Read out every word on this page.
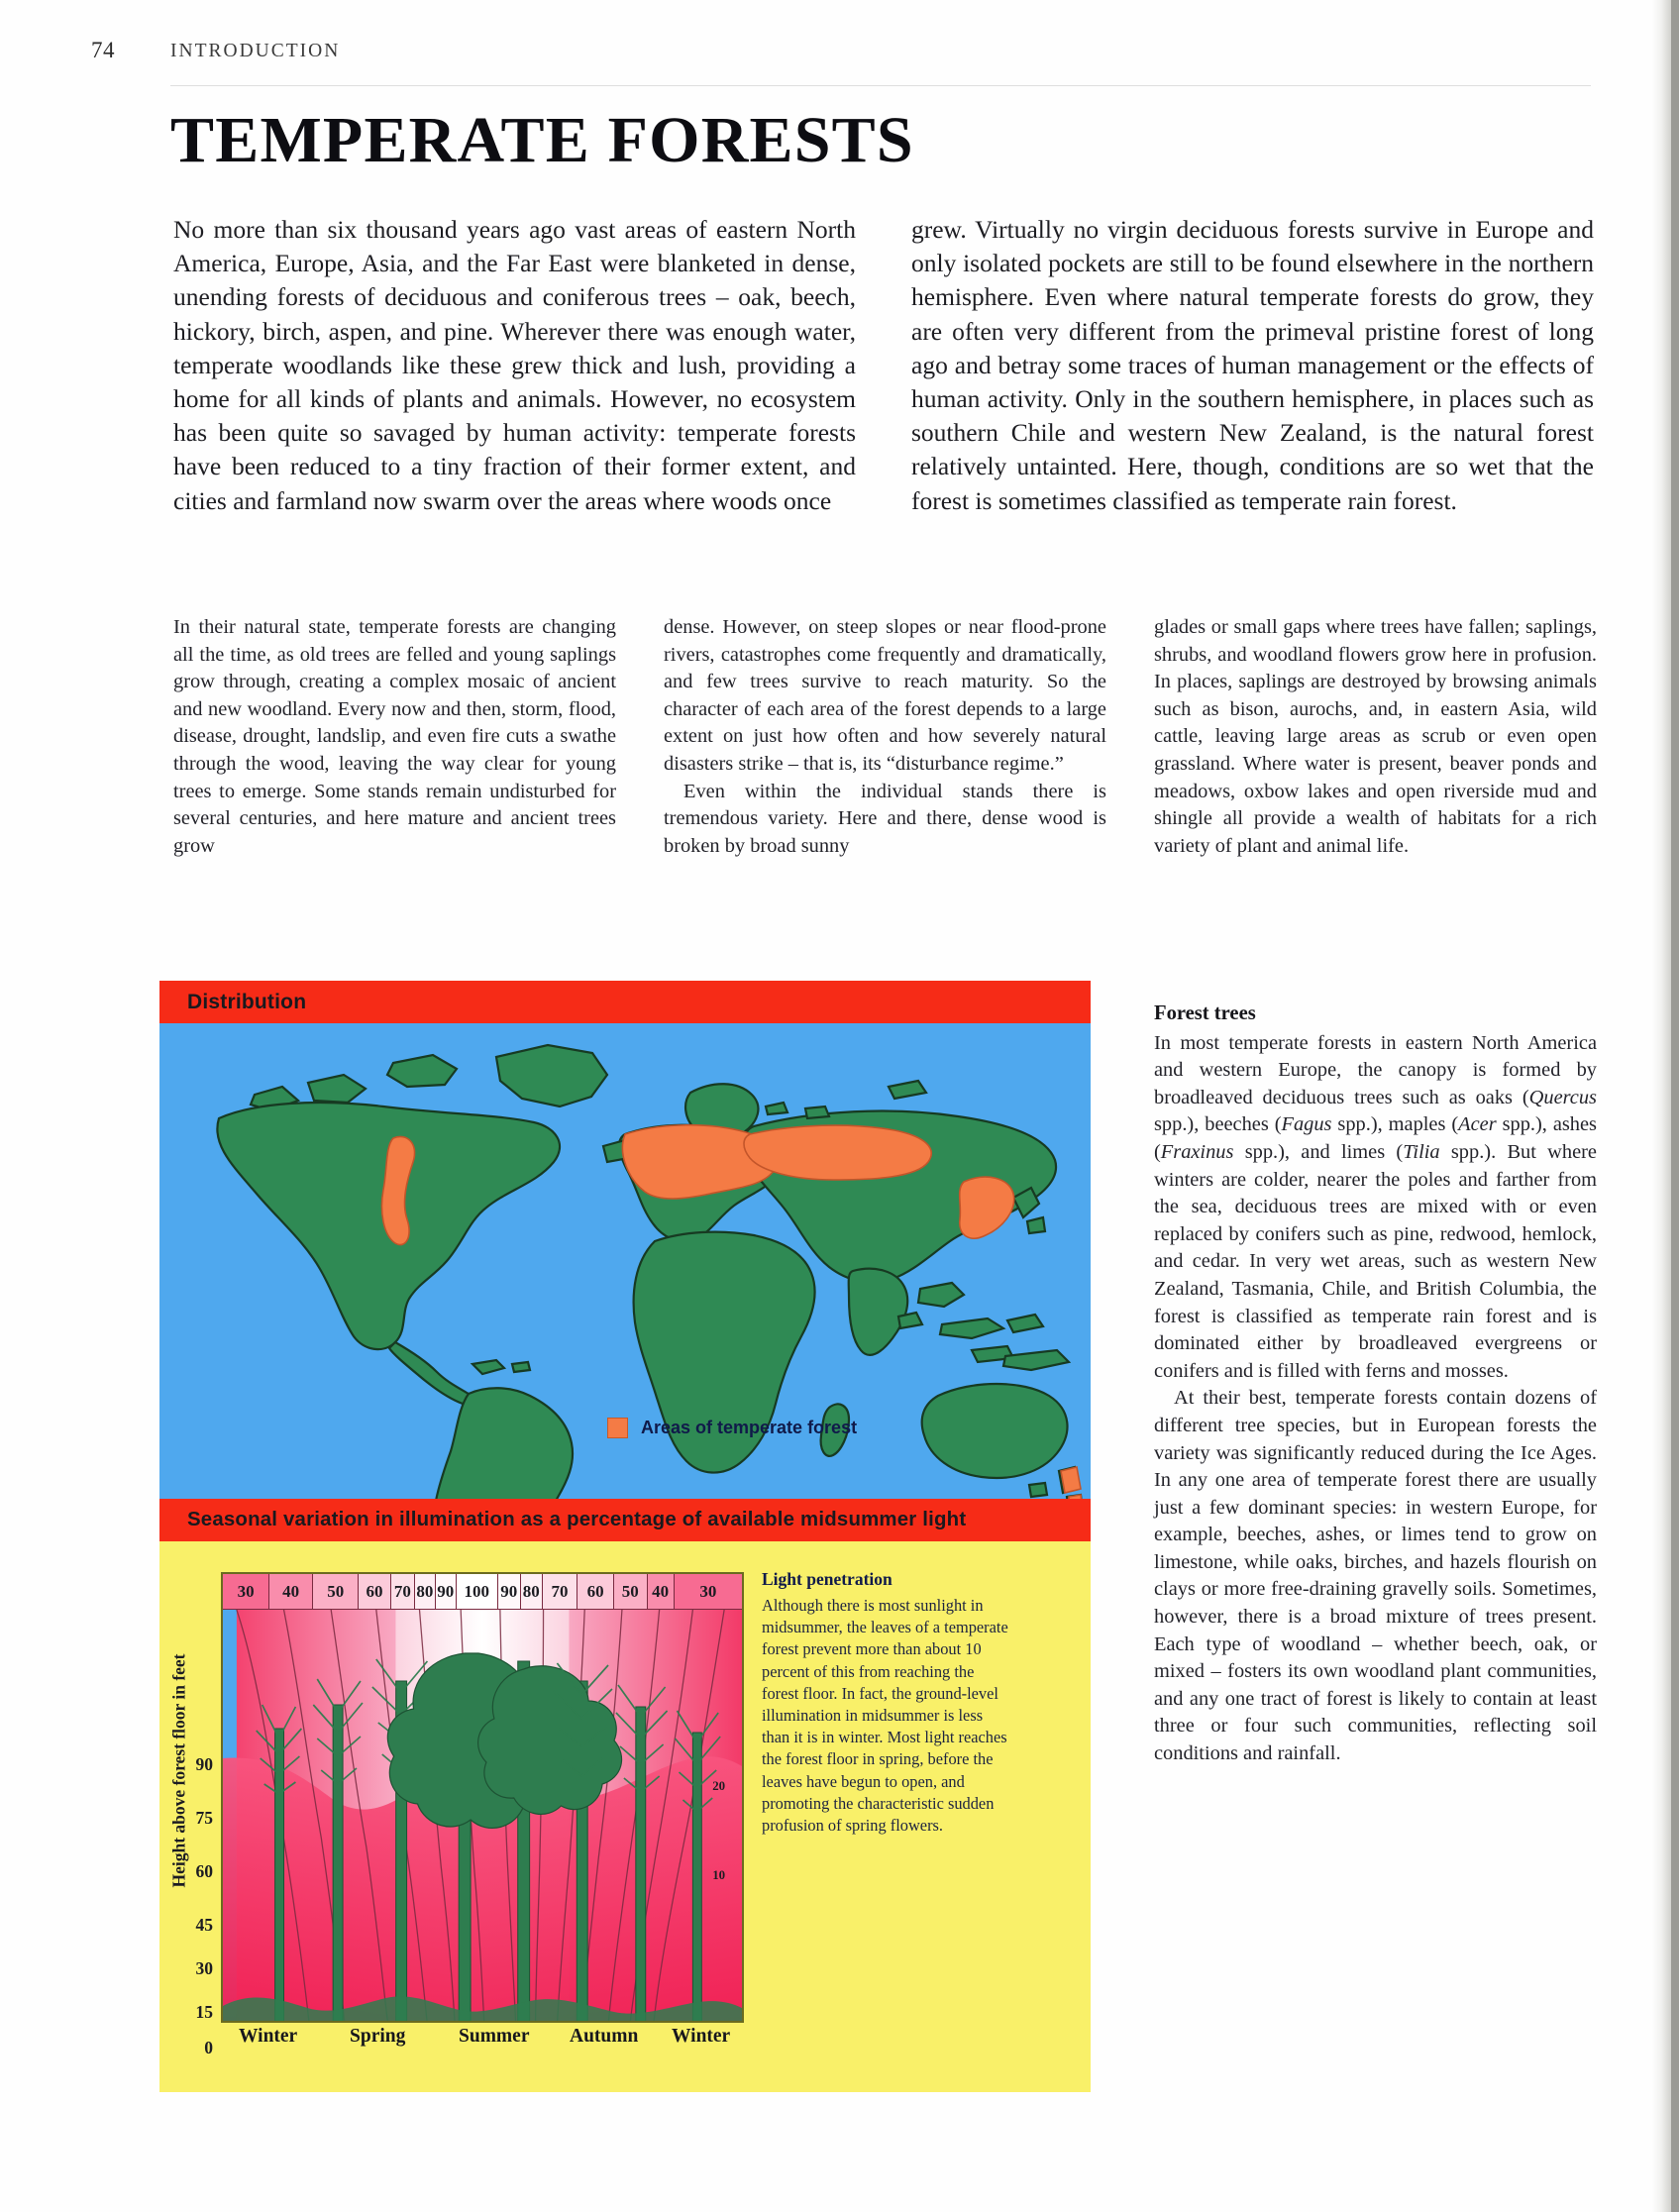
74	INTRODUCTION
TEMPERATE FORESTS
No more than six thousand years ago vast areas of eastern North America, Europe, Asia, and the Far East were blanketed in dense, unending forests of deciduous and coniferous trees – oak, beech, hickory, birch, aspen, and pine. Wherever there was enough water, temperate woodlands like these grew thick and lush, providing a home for all kinds of plants and animals. However, no ecosystem has been quite so savaged by human activity: temperate forests have been reduced to a tiny fraction of their former extent, and cities and farmland now swarm over the areas where woods once
grew. Virtually no virgin deciduous forests survive in Europe and only isolated pockets are still to be found elsewhere in the northern hemisphere. Even where natural temperate forests do grow, they are often very different from the primeval pristine forest of long ago and betray some traces of human management or the effects of human activity. Only in the southern hemisphere, in places such as southern Chile and western New Zealand, is the natural forest relatively untainted. Here, though, conditions are so wet that the forest is sometimes classified as temperate rain forest.

In their natural state, temperate forests are changing all the time, as old trees are felled and young saplings grow through, creating a complex mosaic of ancient and new woodland. Every now and then, storm, flood, disease, drought, landslip, and even fire cuts a swathe through the wood, leaving the way clear for young trees to emerge. Some stands remain undisturbed for several centuries, and here mature and ancient trees grow

dense. However, on steep slopes or near flood-prone rivers, catastrophes come frequently and dramatically, and few trees survive to reach maturity. So the character of each area of the forest depends to a large extent on just how often and how severely natural disasters strike – that is, its “disturbance regime.”

Even within the individual stands there is tremendous variety. Here and there, dense wood is broken by broad sunny

glades or small gaps where trees have fallen; saplings, shrubs, and woodland flowers grow here in profusion. In places, saplings are destroyed by browsing animals such as bison, aurochs, and, in eastern Asia, wild cattle, leaving large areas as scrub or even open grassland. Where water is present, beaver ponds and meadows, oxbow lakes and open riverside mud and shingle all provide a wealth of habitats for a rich variety of plant and animal life.

Forest trees

In most temperate forests in eastern North America and western Europe, the canopy is formed by broadleaved deciduous trees such as oaks (Quercus spp.), beeches (Fagus spp.), maples (Acer spp.), ashes (Fraxinus spp.), and limes (Tilia spp.). But where winters are colder, nearer the poles and farther from the sea, deciduous trees are mixed with or even replaced by conifers such as pine, redwood, hemlock, and cedar. In very wet areas, such as western New Zealand, Tasmania, Chile, and British Columbia, the forest is classified as temperate rain forest and is dominated either by broadleaved evergreens or conifers and is filled with ferns and mosses.

At their best, temperate forests contain dozens of different tree species, but in European forests the variety was significantly reduced during the Ice Ages. In any one area of temperate forest there are usually just a few dominant species: in western Europe, for example, beeches, ashes, or limes tend to grow on limestone, while oaks, birches, and hazels flourish on clays or more free-draining gravelly soils. Sometimes, however, there is a broad mixture of trees present. Each type of woodland – whether beech, oak, or mixed – fosters its own woodland plant communities, and any one tract of forest is likely to contain at least three or four such communities, reflecting soil conditions and rainfall.

Distribution
Areas of temperate forest
Seasonal variation in illumination as a percentage of available midsummer light
Height above forest floor in feet 90
75
60
45
30
15
0
30	40	50	60 70 80 90 100 90 80 70	60	50 40	30
20
10
Winter	Spring	Summer Autumn Winter
Light penetration

Although there is most sunlight in midsummer, the leaves of a temperate forest prevent more than about 10 percent of this from reaching the forest floor. In fact, the ground-level illumination in midsummer is less than it is in winter. Most light reaches the forest floor in spring, before the leaves have begun to open, and promoting the characteristic sudden profusion of spring flowers.
